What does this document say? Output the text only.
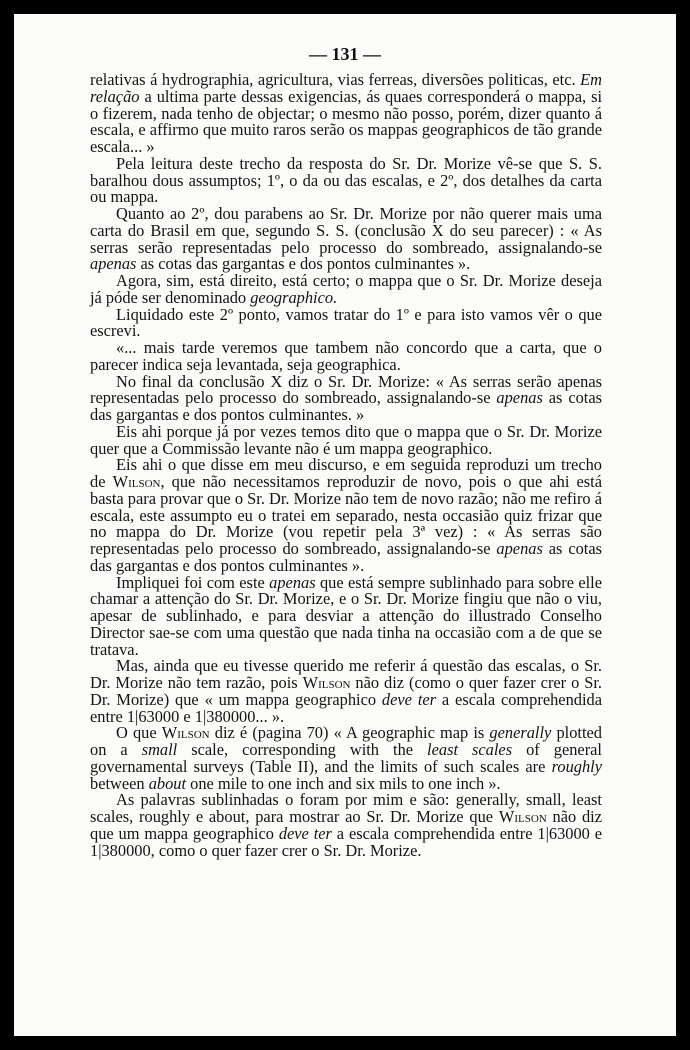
— 131 —

relativas á hydrographia, agricultura, vias ferreas, diversões politicas, etc. Em relação a ultima parte dessas exigencias, ás quaes corresponderá o mappa, si o fizerem, nada tenho de objectar; o mesmo não posso, porém, dizer quanto á escala, e affirmo que muito raros serão os mappas geographicos de tão grande escala... »

Pela leitura deste trecho da resposta do Sr. Dr. Morize vê-se que S. S. baralhou dous assumptos; 1º, o da ou das escalas, e 2º, dos detalhes da carta ou mappa.

Quanto ao 2º, dou parabens ao Sr. Dr. Morize por não querer mais uma carta do Brasil em que, segundo S. S. (conclusão X do seu parecer) : « As serras serão representadas pelo processo do sombreado, assignalando-se apenas as cotas das gargantas e dos pontos culminantes ».

Agora, sim, está direito, está certo; o mappa que o Sr. Dr. Morize deseja já póde ser denominado geographico.

Liquidado este 2º ponto, vamos tratar do 1º e para isto vamos vêr o que escrevi.

«... mais tarde veremos que tambem não concordo que a carta, que o parecer indica seja levantada, seja geographica.

No final da conclusão X diz o Sr. Dr. Morize: « As serras serão apenas representadas pelo processo do sombreado, assignalando-se apenas as cotas das gargantas e dos pontos culminantes. »

Eis ahi porque já por vezes temos dito que o mappa que o Sr. Dr. Morize quer que a Commissão levante não é um mappa geographico.

Eis ahi o que disse em meu discurso, e em seguida reproduzi um trecho de Wilson, que não necessitamos reproduzir de novo, pois o que ahi está basta para provar que o Sr. Dr. Morize não tem de novo razão; não me refiro á escala, este assumpto eu o tratei em separado, nesta occasião quiz frizar que no mappa do Dr. Morize (vou repetir pela 3ª vez) : « As serras são representadas pelo processo do sombreado, assignalando-se apenas as cotas das gargantas e dos pontos culminantes ».

Impliquei foi com este apenas que está sempre sublinhado para sobre elle chamar a attenção do Sr. Dr. Morize, e o Sr. Dr. Morize fingiu que não o viu, apesar de sublinhado, e para desviar a attenção do illustrado Conselho Director sae-se com uma questão que nada tinha na occasião com a de que se tratava.

Mas, ainda que eu tivesse querido me referir á questão das escalas, o Sr. Dr. Morize não tem razão, pois Wilson não diz (como o quer fazer crer o Sr. Dr. Morize) que « um mappa geographico deve ter a escala comprehendida entre 1|63000 e 1|380000... ».

O que Wilson diz é (pagina 70) « A geographic map is generally plotted on a small scale, corresponding with the least scales of general governamental surveys (Table II), and the limits of such scales are roughly between about one mile to one inch and six mils to one inch ».

As palavras sublinhadas o foram por mim e são: generally, small, least scales, roughly e about, para mostrar ao Sr. Dr. Morize que Wilson não diz que um mappa geographico deve ter a escala comprehendida entre 1|63000 e 1|380000, como o quer fazer crer o Sr. Dr. Morize.
